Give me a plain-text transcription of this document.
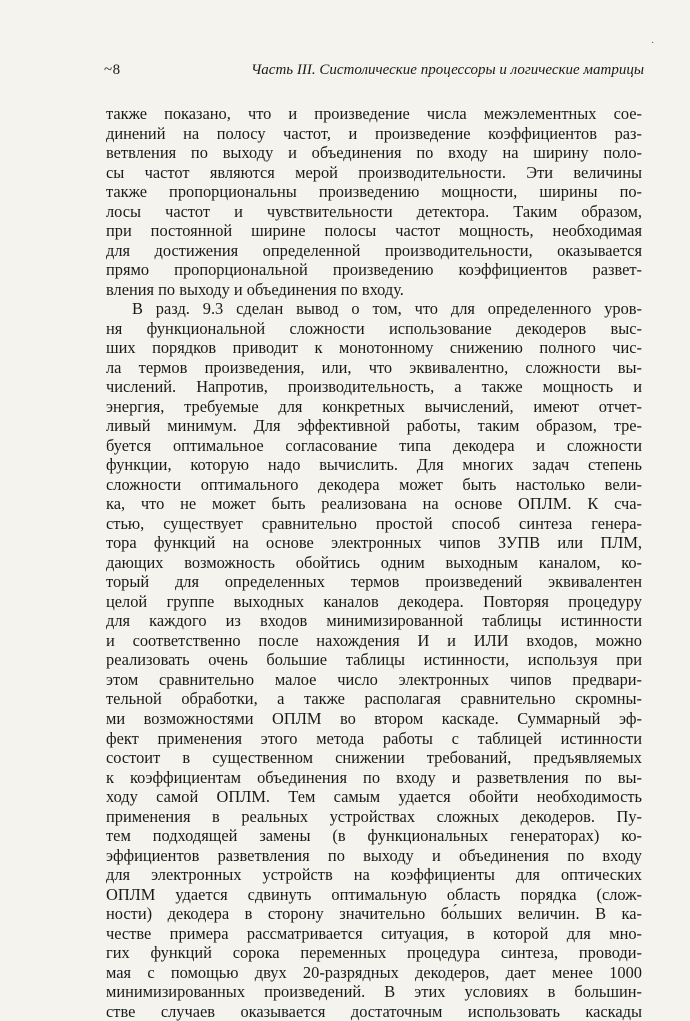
·
~8	Часть III. Систолические процессоры и логические матрицы
также показано, что и произведение числа межэлементных сое-
динений на полосу частот, и произведение коэффициентов раз-
ветвления по выходу и объединения по входу на ширину поло-
сы частот являются мерой производительности. Эти величины
также пропорциональны произведению мощности, ширины по-
лосы частот и чувствительности детектора. Таким образом,
при постоянной ширине полосы частот мощность, необходимая
для достижения определенной производительности, оказывается
прямо пропорциональной произведению коэффициентов развет-
вления по выходу и объединения по входу.
В разд. 9.3 сделан вывод о том, что для определенного уров-
ня функциональной сложности использование декодеров выс-
ших порядков приводит к монотонному снижению полного чис-
ла термов произведения, или, что эквивалентно, сложности вы-
числений. Напротив, производительность, а также мощность и
энергия, требуемые для конкретных вычислений, имеют отчет-
ливый минимум. Для эффективной работы, таким образом, тре-
буется оптимальное согласование типа декодера и сложности
функции, которую надо вычислить. Для многих задач степень
сложности оптимального декодера может быть настолько вели-
ка, что не может быть реализована на основе ОПЛМ. К сча-
стью, существует сравнительно простой способ синтеза генера-
тора функций на основе электронных чипов ЗУПВ или ПЛМ,
дающих возможность обойтись одним выходным каналом, ко-
торый для определенных термов произведений эквивалентен
целой группе выходных каналов декодера. Повторяя процедуру
для каждого из входов минимизированной таблицы истинности
и соответственно после нахождения И и ИЛИ входов, можно
реализовать очень большие таблицы истинности, используя при
этом сравнительно малое число электронных чипов предвари-
тельной обработки, а также располагая сравнительно скромны-
ми возможностями ОПЛМ во втором каскаде. Суммарный эф-
фект применения этого метода работы с таблицей истинности
состоит в существенном снижении требований, предъявляемых
к коэффициентам объединения по входу и разветвления по вы-
ходу самой ОПЛМ. Тем самым удается обойти необходимость
применения в реальных устройствах сложных декодеров. Пу-
тем подходящей замены (в функциональных генераторах) ко-
эффициентов разветвления по выходу и объединения по входу
для электронных устройств на коэффициенты для оптических
ОПЛМ удается сдвинуть оптимальную область порядка (слож-
ности) декодера в сторону значительно бо́льших величин. В ка-
честве примера рассматривается ситуация, в которой для мно-
гих функций сорока переменных процедура синтеза, проводи-
мая с помощью двух 20-разрядных декодеров, дает менее 1000
минимизированных произведений. В этих условиях в большин-
стве случаев оказывается достаточным использовать каскады
